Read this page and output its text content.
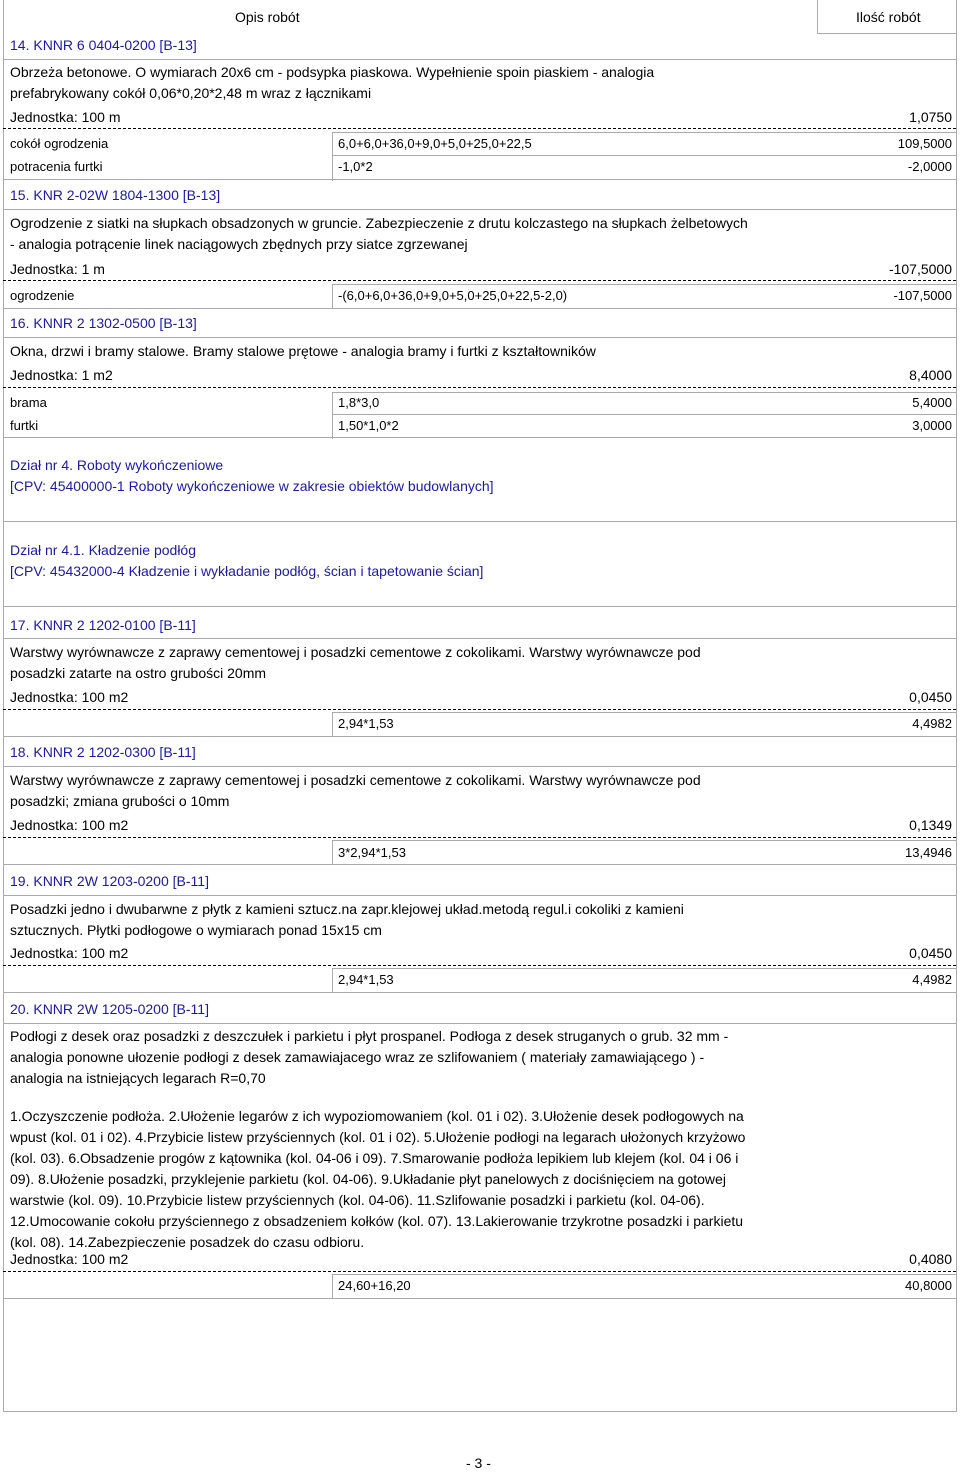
Opis robót	Ilość robót
14. KNNR 6 0404-0200 [B-13]
Obrzeża betonowe. O wymiarach 20x6 cm - podsypka piaskowa. Wypełnienie spoin piaskiem - analogia
prefabrykowany cokół 0,06*0,20*2,48 m wraz z łącznikami
Jednostka: 100 m	1,0750
cokół ogrodzenia	6,0+6,0+36,0+9,0+5,0+25,0+22,5	109,5000
potracenia furtki	-1,0*2	-2,0000
15. KNR 2-02W 1804-1300 [B-13]
Ogrodzenie z siatki na słupkach obsadzonych w gruncie. Zabezpieczenie z drutu kolczastego na słupkach żelbetowych
- analogia potrącenie linek naciągowych zbędnych przy siatce zgrzewanej
Jednostka: 1 m	-107,5000
ogrodzenie	-(6,0+6,0+36,0+9,0+5,0+25,0+22,5-2,0)	-107,5000
16. KNNR 2 1302-0500 [B-13]
Okna, drzwi i bramy stalowe. Bramy stalowe prętowe - analogia bramy i furtki z kształtowników
Jednostka: 1 m2	8,4000
brama	1,8*3,0	5,4000
furtki	1,50*1,0*2	3,0000
Dział nr 4. Roboty wykończeniowe
[CPV: 45400000-1 Roboty wykończeniowe w zakresie obiektów budowlanych]
Dział nr 4.1. Kładzenie podłóg
[CPV: 45432000-4 Kładzenie i wykładanie podłóg, ścian i tapetowanie ścian]
17. KNNR 2 1202-0100 [B-11]
Warstwy wyrównawcze z zaprawy cementowej i posadzki cementowe z cokolikami. Warstwy wyrównawcze pod
posadzki zatarte na ostro grubości 20mm
Jednostka: 100 m2	0,0450
2,94*1,53	4,4982
18. KNNR 2 1202-0300 [B-11]
Warstwy wyrównawcze z zaprawy cementowej i posadzki cementowe z cokolikami. Warstwy wyrównawcze pod
posadzki; zmiana grubości o 10mm
Jednostka: 100 m2	0,1349
3*2,94*1,53	13,4946
19. KNNR 2W 1203-0200 [B-11]
Posadzki jedno i dwubarwne z płytk z kamieni sztucz.na zapr.klejowej układ.metodą regul.i cokoliki z kamieni
sztucznych. Płytki podłogowe o wymiarach ponad 15x15 cm
Jednostka: 100 m2	0,0450
2,94*1,53	4,4982
20. KNNR 2W 1205-0200 [B-11]
Podłogi z desek oraz posadzki z deszczułek i parkietu i płyt prospanel. Podłoga z desek struganych o grub. 32 mm -
analogia ponowne ułozenie podłogi z desek zamawiajacego wraz ze szlifowaniem ( materiały zamawiającego ) -
analogia na istniejących legarach R=0,70
1.Oczyszczenie podłoża. 2.Ułożenie legarów z ich wypoziomowaniem (kol. 01 i 02). 3.Ułożenie desek podłogowych na
wpust (kol. 01 i 02). 4.Przybicie listew przyściennych (kol. 01 i 02). 5.Ułożenie podłogi na legarach ułożonych krzyżowo
(kol. 03). 6.Obsadzenie progów z kątownika (kol. 04-06 i 09). 7.Smarowanie podłoża lepikiem lub klejem (kol. 04 i 06 i
09). 8.Ułożenie posadzki, przyklejenie parkietu (kol. 04-06). 9.Układanie płyt panelowych z dociśnięciem na gotowej
warstwie (kol. 09). 10.Przybicie listew przyściennych (kol. 04-06). 11.Szlifowanie posadzki i parkietu (kol. 04-06).
12.Umocowanie cokołu przyściennego z obsadzeniem kołków (kol. 07). 13.Lakierowanie trzykrotne posadzki i parkietu
(kol. 08). 14.Zabezpieczenie posadzek do czasu odbioru.
Jednostka: 100 m2	0,4080
24,60+16,20	40,8000
- 3 -
